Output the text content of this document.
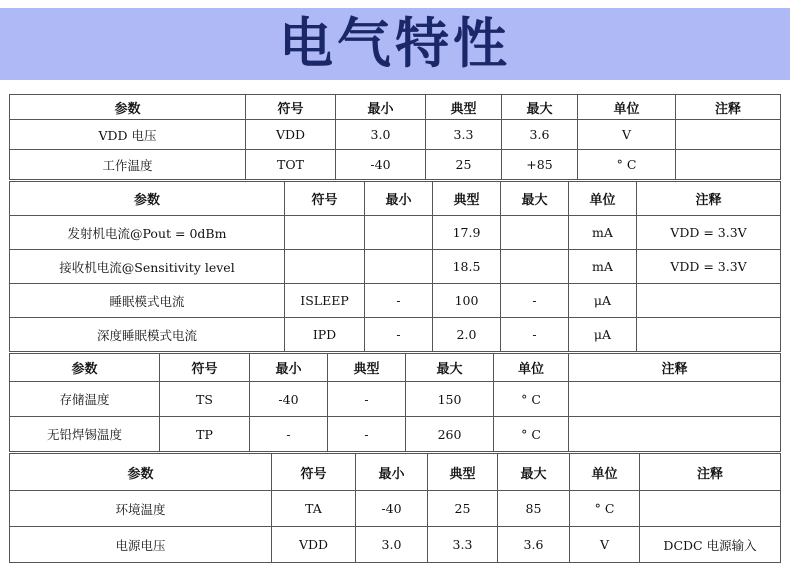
电气特性
参数	符号	最小	典型	最大	单位	注释
VDD 电压	VDD	3.0	3.3	3.6	V	
工作温度	TOT	-40	25	+85	° C	
参数	符号	最小	典型	最大	单位	注释
发射机电流@Pout = 0dBm			17.9		mA	VDD = 3.3V
接收机电流@Sensitivity level			18.5		mA	VDD = 3.3V
睡眠模式电流	ISLEEP	-	100	-	μA	
深度睡眠模式电流	IPD	-	2.0	-	μA	
参数	符号	最小	典型	最大	单位	注释
存储温度	TS	-40	-	150	° C	
无铅焊锡温度	TP	-	-	260	° C	
参数	符号	最小	典型	最大	单位	注释
环境温度	TA	-40	25	85	° C	
电源电压	VDD	3.0	3.3	3.6	V	DCDC 电源输入
